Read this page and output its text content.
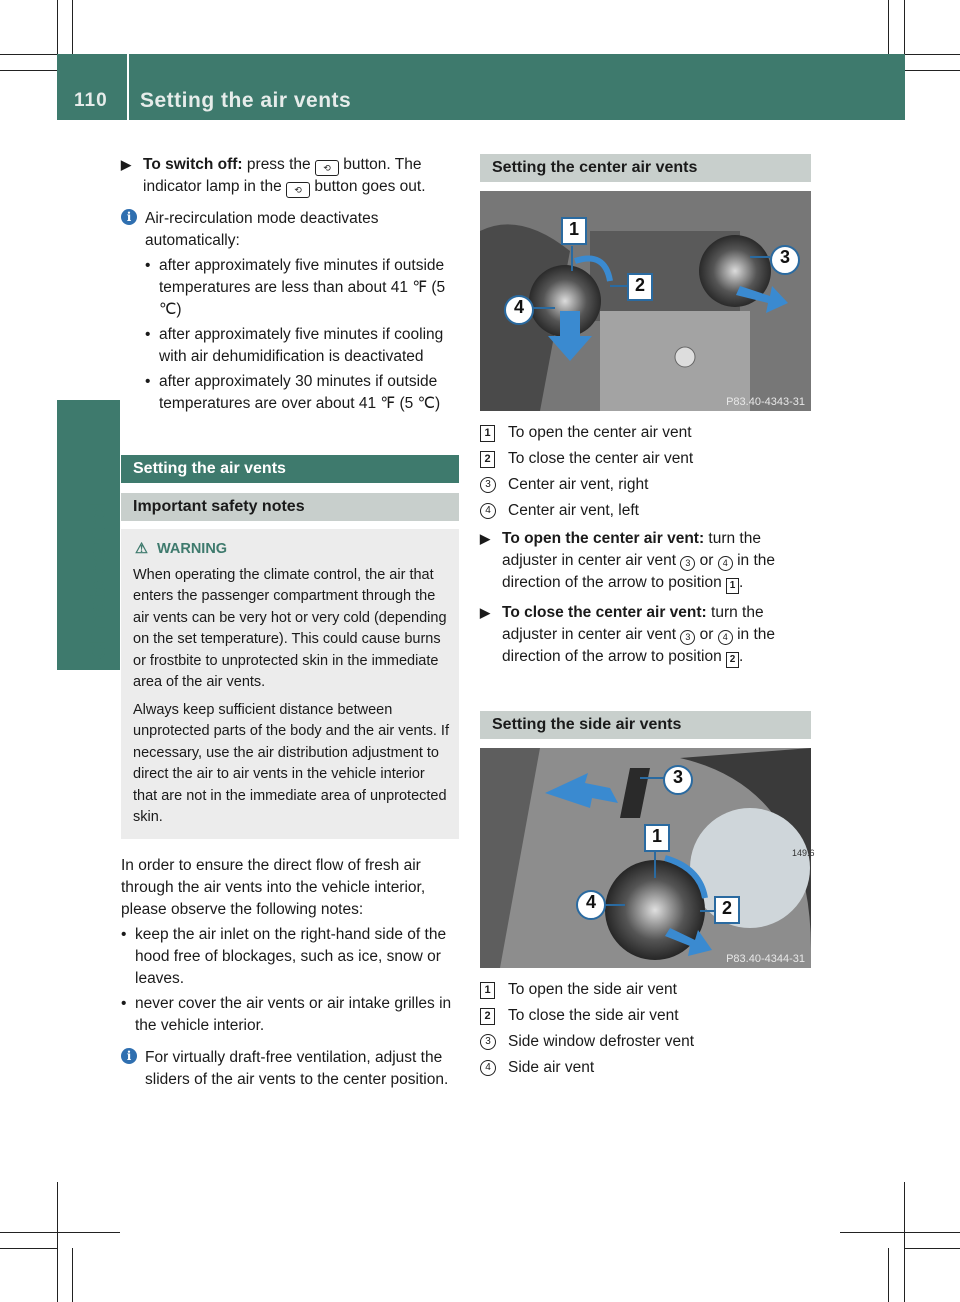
110 Setting the air vents
Climate control
▶ To switch off: press the ⟲ button. The indicator lamp in the ⟲ button goes out.

i Air-recirculation mode deactivates automatically:

• after approximately five minutes if outside temperatures are less than about 41 ℉ (5 ℃)
• after approximately five minutes if cooling with air dehumidification is deactivated
• after approximately 30 minutes if outside temperatures are over about 41 ℉ (5 ℃)
Setting the air vents
Important safety notes
⚠ WARNING

When operating the climate control, the air that enters the passenger compartment through the air vents can be very hot or very cold (depending on the set temperature). This could cause burns or frostbite to unprotected skin in the immediate area of the air vents.

Always keep sufficient distance between unprotected parts of the body and the air vents. If necessary, use the air distribution adjustment to direct the air to air vents in the vehicle interior that are not in the immediate area of unprotected skin.

In order to ensure the direct flow of fresh air through the air vents into the vehicle interior, please observe the following notes:

• keep the air inlet on the right-hand side of the hood free of blockages, such as ice, snow or leaves.
• never cover the air vents or air intake grilles in the vehicle interior.
i For virtually draft-free ventilation, adjust the sliders of the air vents to the center position.

Setting the center air vents
1
2
3
4
P83.40-4343-31
1 To open the center air vent
2 To close the center air vent
3	Center air vent, right
4	Center air vent, left
▶ To open the center air vent: turn the adjuster in center air vent 3 or 4 in the direction of the arrow to position 1 .

▶ To close the center air vent: turn the adjuster in center air vent 3 or 4 in the direction of the arrow to position 2 .

Setting the side air vents
149.6
3
1
4	2
P83.40-4344-31
1 To open the side air vent
2 To close the side air vent
3	Side window defroster vent
4	Side air vent
